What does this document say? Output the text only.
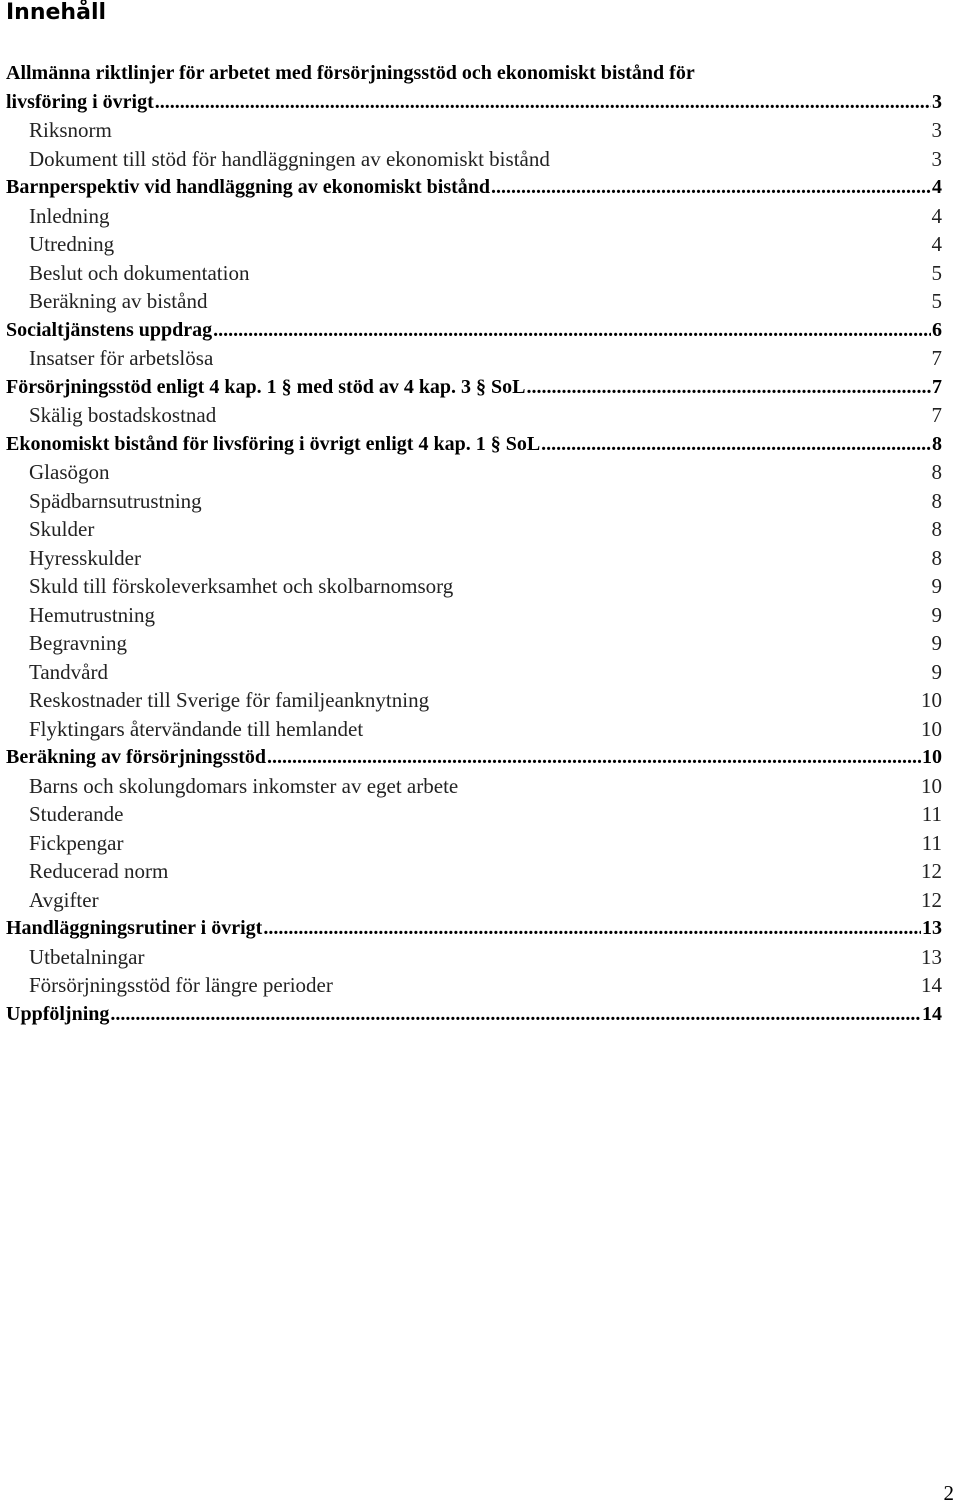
Innehåll
Allmänna riktlinjer för arbetet med försörjningsstöd och ekonomiskt bistånd för
livsföring i övrigt .....	3
Riksnorm	3
Dokument till stöd för handläggningen av ekonomiskt bistånd	3
Barnperspektiv vid handläggning av ekonomiskt bistånd .....	4
Inledning	4
Utredning	4
Beslut och dokumentation	5
Beräkning av bistånd	5
Socialtjänstens uppdrag .....	6
Insatser för arbetslösa	7
Försörjningsstöd enligt 4 kap. 1 § med stöd av 4 kap. 3 § SoL .....	7
Skälig bostadskostnad	7
Ekonomiskt bistånd för livsföring i övrigt enligt 4 kap. 1 § SoL .....	8
Glasögon	8
Spädbarnsutrustning	8
Skulder	8
Hyresskulder	8
Skuld till förskoleverksamhet och skolbarnomsorg	9
Hemutrustning	9
Begravning	9
Tandvård	9
Reskostnader till Sverige för familjeanknytning	10
Flyktingars återvändande till hemlandet	10
Beräkning av försörjningsstöd .....	10
Barns och skolungdomars inkomster av eget arbete	10
Studerande	11
Fickpengar	11
Reducerad norm	12
Avgifter	12
Handläggningsrutiner i övrigt .....	13
Utbetalningar	13
Försörjningsstöd för längre perioder	14
Uppföljning .....	14
2
